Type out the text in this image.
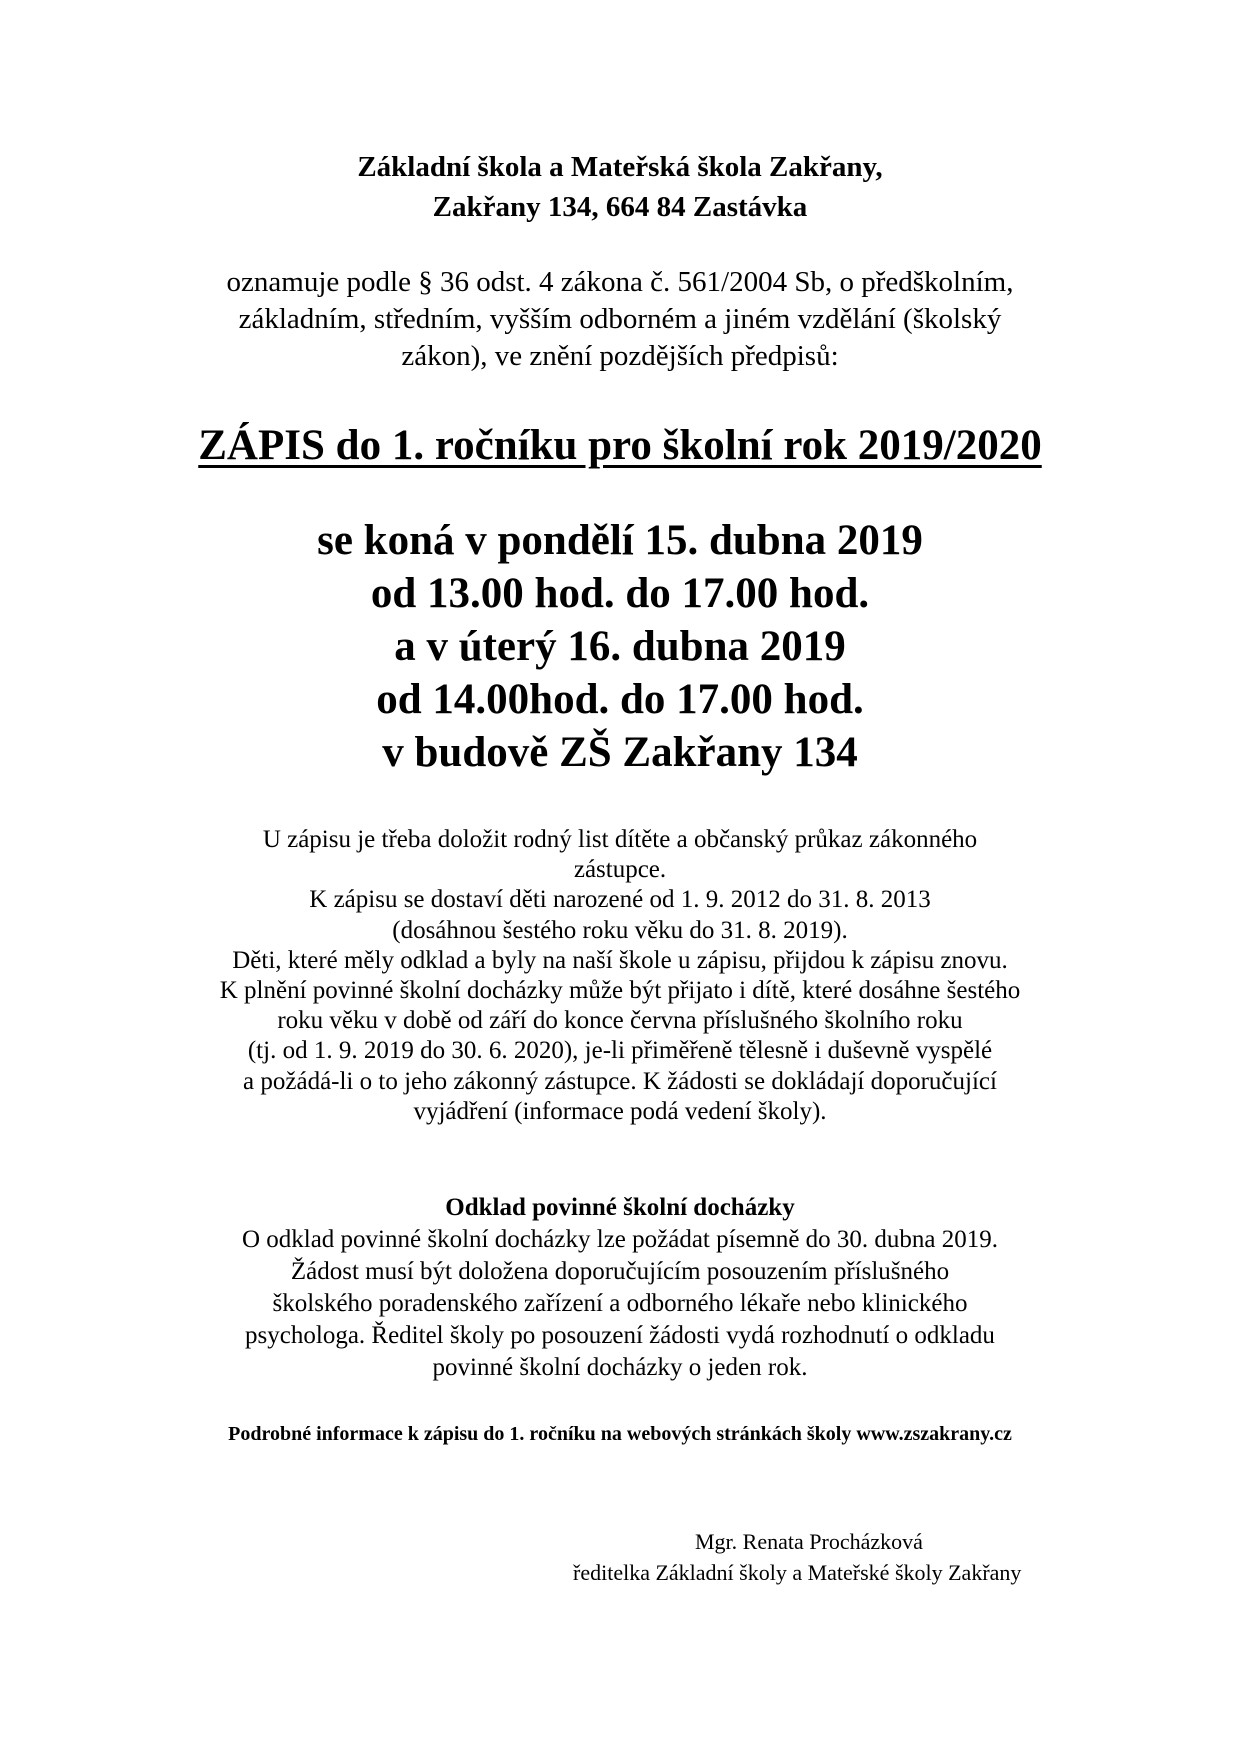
Základní škola a Mateřská škola Zakřany,
Zakřany 134, 664 84 Zastávka
oznamuje podle § 36 odst. 4 zákona č. 561/2004 Sb, o předškolním,
základním, středním, vyšším odborném a jiném vzdělání (školský
zákon), ve znění pozdějších předpisů:
ZÁPIS do 1. ročníku pro školní rok 2019/2020
se koná v pondělí 15. dubna 2019
od 13.00 hod. do 17.00 hod.
a v úterý 16. dubna 2019
od 14.00hod. do 17.00 hod.
v budově ZŠ Zakřany 134
U zápisu je třeba doložit rodný list dítěte a občanský průkaz zákonného
zástupce.
K zápisu se dostaví děti narozené od 1. 9. 2012 do 31. 8. 2013
(dosáhnou šestého roku věku do 31. 8. 2019).
Děti, které měly odklad a byly na naší škole u zápisu, přijdou k zápisu znovu.
K plnění povinné školní docházky může být přijato i dítě, které dosáhne šestého
roku věku v době od září do konce června příslušného školního roku
(tj. od 1. 9. 2019 do 30. 6. 2020), je-li přiměřeně tělesně i duševně vyspělé
a požádá-li o to jeho zákonný zástupce. K žádosti se dokládají doporučující
vyjádření (informace podá vedení školy).
Odklad povinné školní docházky
O odklad povinné školní docházky lze požádat písemně do 30. dubna 2019.
Žádost musí být doložena doporučujícím posouzením příslušného
školského poradenského zařízení a odborného lékaře nebo klinického
psychologa. Ředitel školy po posouzení žádosti vydá rozhodnutí o odkladu
povinné školní docházky o jeden rok.
Podrobné informace k zápisu do 1. ročníku na webových stránkách školy www.zszakrany.cz
Mgr. Renata Procházková
ředitelka Základní školy a Mateřské školy Zakřany
